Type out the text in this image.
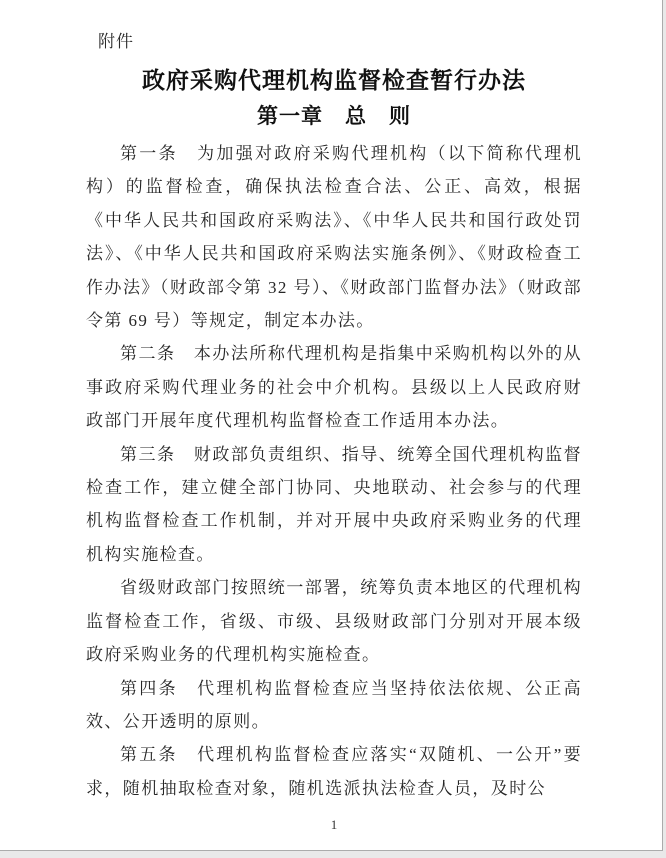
附件
政府采购代理机构监督检查暂行办法
第一章　总　则

第一条　为加强对政府采购代理机构（以下简称代理机构）的监督检查，确保执法检查合法、公正、高效，根据《中华人民共和国政府采购法》、《中华人民共和国行政处罚法》、《中华人民共和国政府采购法实施条例》、《财政检查工作办法》（财政部令第 32 号）、《财政部门监督办法》（财政部令第 69 号）等规定，制定本办法。

第二条　本办法所称代理机构是指集中采购机构以外的从事政府采购代理业务的社会中介机构。县级以上人民政府财政部门开展年度代理机构监督检查工作适用本办法。

第三条　财政部负责组织、指导、统筹全国代理机构监督检查工作，建立健全部门协同、央地联动、社会参与的代理机构监督检查工作机制，并对开展中央政府采购业务的代理机构实施检查。

省级财政部门按照统一部署，统筹负责本地区的代理机构监督检查工作，省级、市级、县级财政部门分别对开展本级政府采购业务的代理机构实施检查。

第四条　代理机构监督检查应当坚持依法依规、公正高效、公开透明的原则。

第五条　代理机构监督检查应落实“双随机、一公开”要求，随机抽取检查对象，随机选派执法检查人员，及时公

1
